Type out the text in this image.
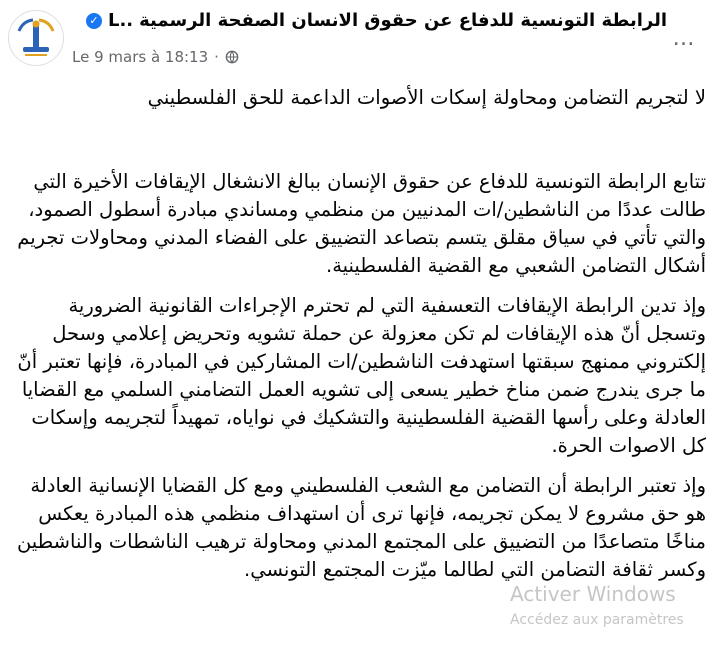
الرابطة التونسية للدفاع عن حقوق الانسان الصفحة الرسمية
L..
✓
Le 9 mars à 18:13 ·
…

لا لتجريم التضامن ومحاولة إسكات الأصوات الداعمة للحق الفلسطيني

تتابع الرابطة التونسية للدفاع عن حقوق الإنسان ببالغ الانشغال الإيقافات الأخيرة التي طالت عددًا من الناشطين/ات المدنيين من منظمي ومساندي مبادرة أسطول الصمود، والتي تأتي في سياق مقلق يتسم بتصاعد التضييق على الفضاء المدني ومحاولات تجريم أشكال التضامن الشعبي مع القضية الفلسطينية.

وإذ تدين الرابطة الإيقافات التعسفية التي لم تحترم الإجراءات القانونية الضرورية وتسجل أنّ هذه الإيقافات لم تكن معزولة عن حملة تشويه وتحريض إعلامي وسحل إلكتروني ممنهج سبقتها استهدفت الناشطين/ات المشاركين في المبادرة، فإنها تعتبر أنّ ما جرى يندرج ضمن مناخ خطير يسعى إلى تشويه العمل التضامني السلمي مع القضايا العادلة وعلى رأسها القضية الفلسطينية والتشكيك في نواياه، تمهيداً لتجريمه وإسكات كل الاصوات الحرة.

وإذ تعتبر الرابطة أن التضامن مع الشعب الفلسطيني ومع كل القضايا الإنسانية العادلة هو حق مشروع لا يمكن تجريمه، فإنها ترى أن استهداف منظمي هذه المبادرة يعكس مناخًا متصاعدًا من التضييق على المجتمع المدني ومحاولة ترهيب الناشطات والناشطين وكسر ثقافة التضامن التي لطالما ميّزت المجتمع التونسي.

Activer Windows
Accédez aux paramètres
